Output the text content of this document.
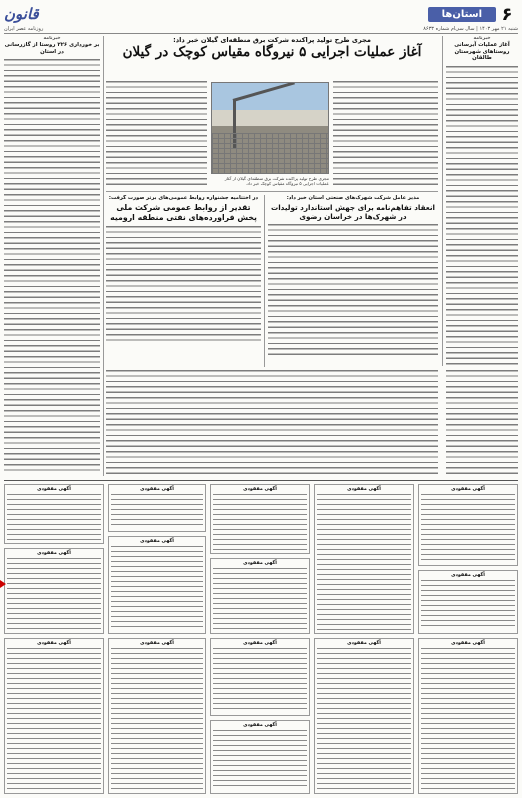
۶
استان‌ها
قانون
شنبه ۲۱ مهر ۱۴۰۳ | سال سی‌ام شماره ۸۶۳۳
روزنامه عصر ایران
خبرنامه
آغاز عملیات آبرسانی روستاهای شهرستان طالقان
مجری طرح تولید پراکنده شرکت برق منطقه‌ای گیلان خبر داد:
آغاز عملیات اجرایی ۵ نیروگاه مقیاس کوچک در گیلان
مجری طرح تولید پراکنده شرکت برق منطقه‌ای گیلان از آغاز عملیات اجرایی ۵ نیروگاه مقیاس کوچک خبر داد.
خبرنامه
بر خورداری ۲۲۶ روستا از گازرسانی در استان
مدیر عامل شرکت شهرک‌های صنعتی استان خبر داد:
انعقاد تفاهم‌نامه برای جهش استاندارد تولیدات در شهرک‌ها در خراسان رضوی
در اختتامیه جشنواره روابط عمومی‌های برتر صورت گرفت:
تقدیر از روابط عمومی شرکت ملی پخش فراورده‌های نفتی منطقه ارومیه
آگهی مفقودی
آگهی مفقودی
آگهی مفقودی
آگهی مفقودی
آگهی مفقودی
آگهی مفقودی
آگهی مفقودی
آگهی مفقودی
آگهی مفقودی
آگهی مفقودی
آگهی مفقودی
آگهی مفقودی
آگهی مفقودی
آگهی مفقودی
آگهی مفقودی
